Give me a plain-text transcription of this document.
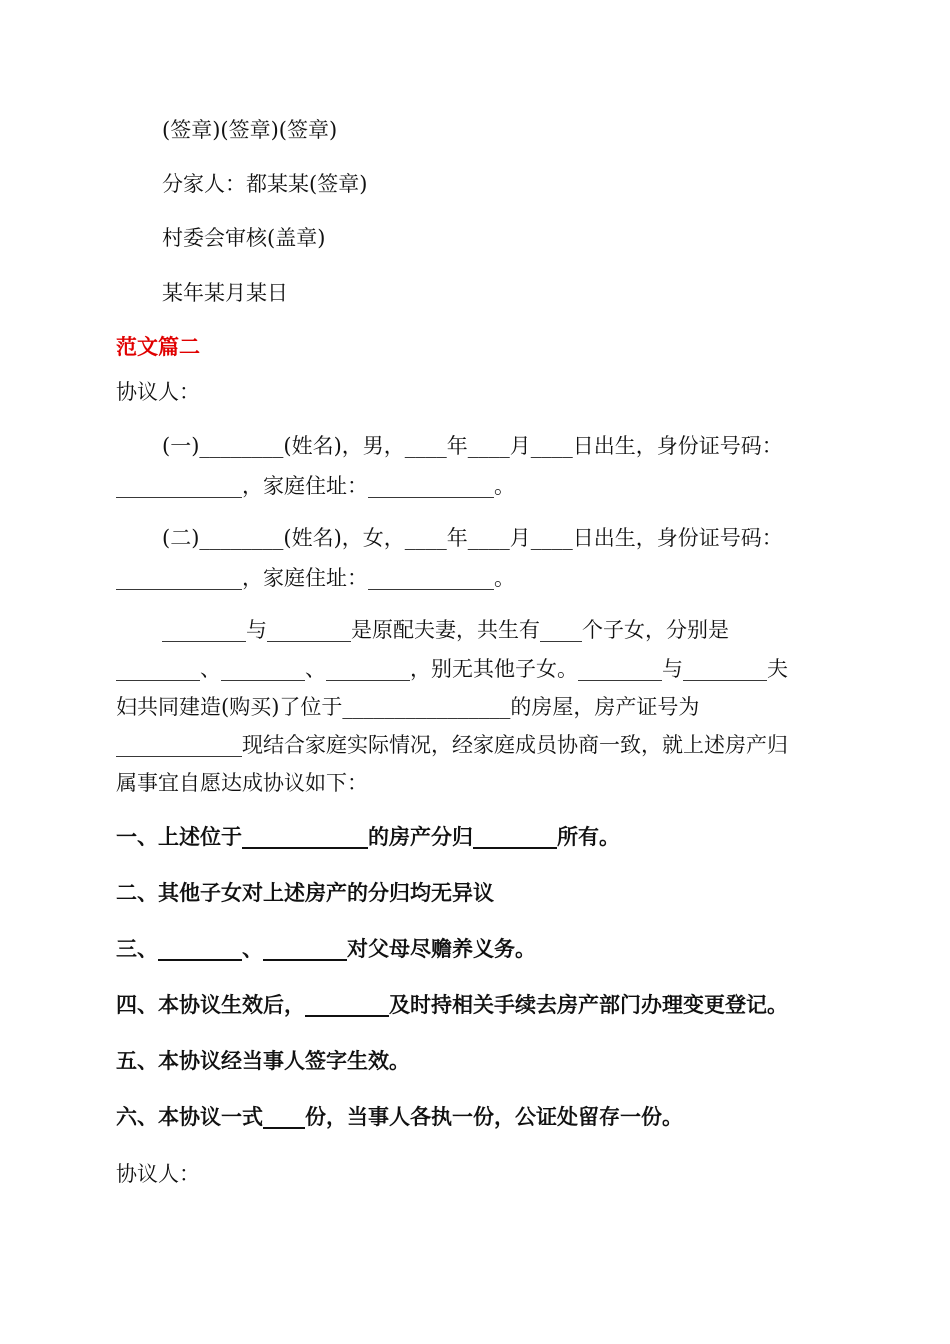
(签章)(签章)(签章)
分家人：都某某(签章)
村委会审核(盖章)
某年某月某日
范文篇二
协议人：
(一)________(姓名)，男，____年____月____日出生，身份证号码：
____________，家庭住址：____________。
(二)________(姓名)，女，____年____月____日出生，身份证号码：
____________，家庭住址：____________。
________与________是原配夫妻，共生有____个子女，分别是
________、________、________，别无其他子女。________与________夫
妇共同建造(购买)了位于________________的房屋，房产证号为
____________现结合家庭实际情况，经家庭成员协商一致，就上述房产归
属事宜自愿达成协议如下：
一、上述位于____________的房产分归________所有。
二、其他子女对上述房产的分归均无异议
三、________、________对父母尽赡养义务。
四、本协议生效后，________及时持相关手续去房产部门办理变更登记。
五、本协议经当事人签字生效。
六、本协议一式____份，当事人各执一份，公证处留存一份。
协议人：
